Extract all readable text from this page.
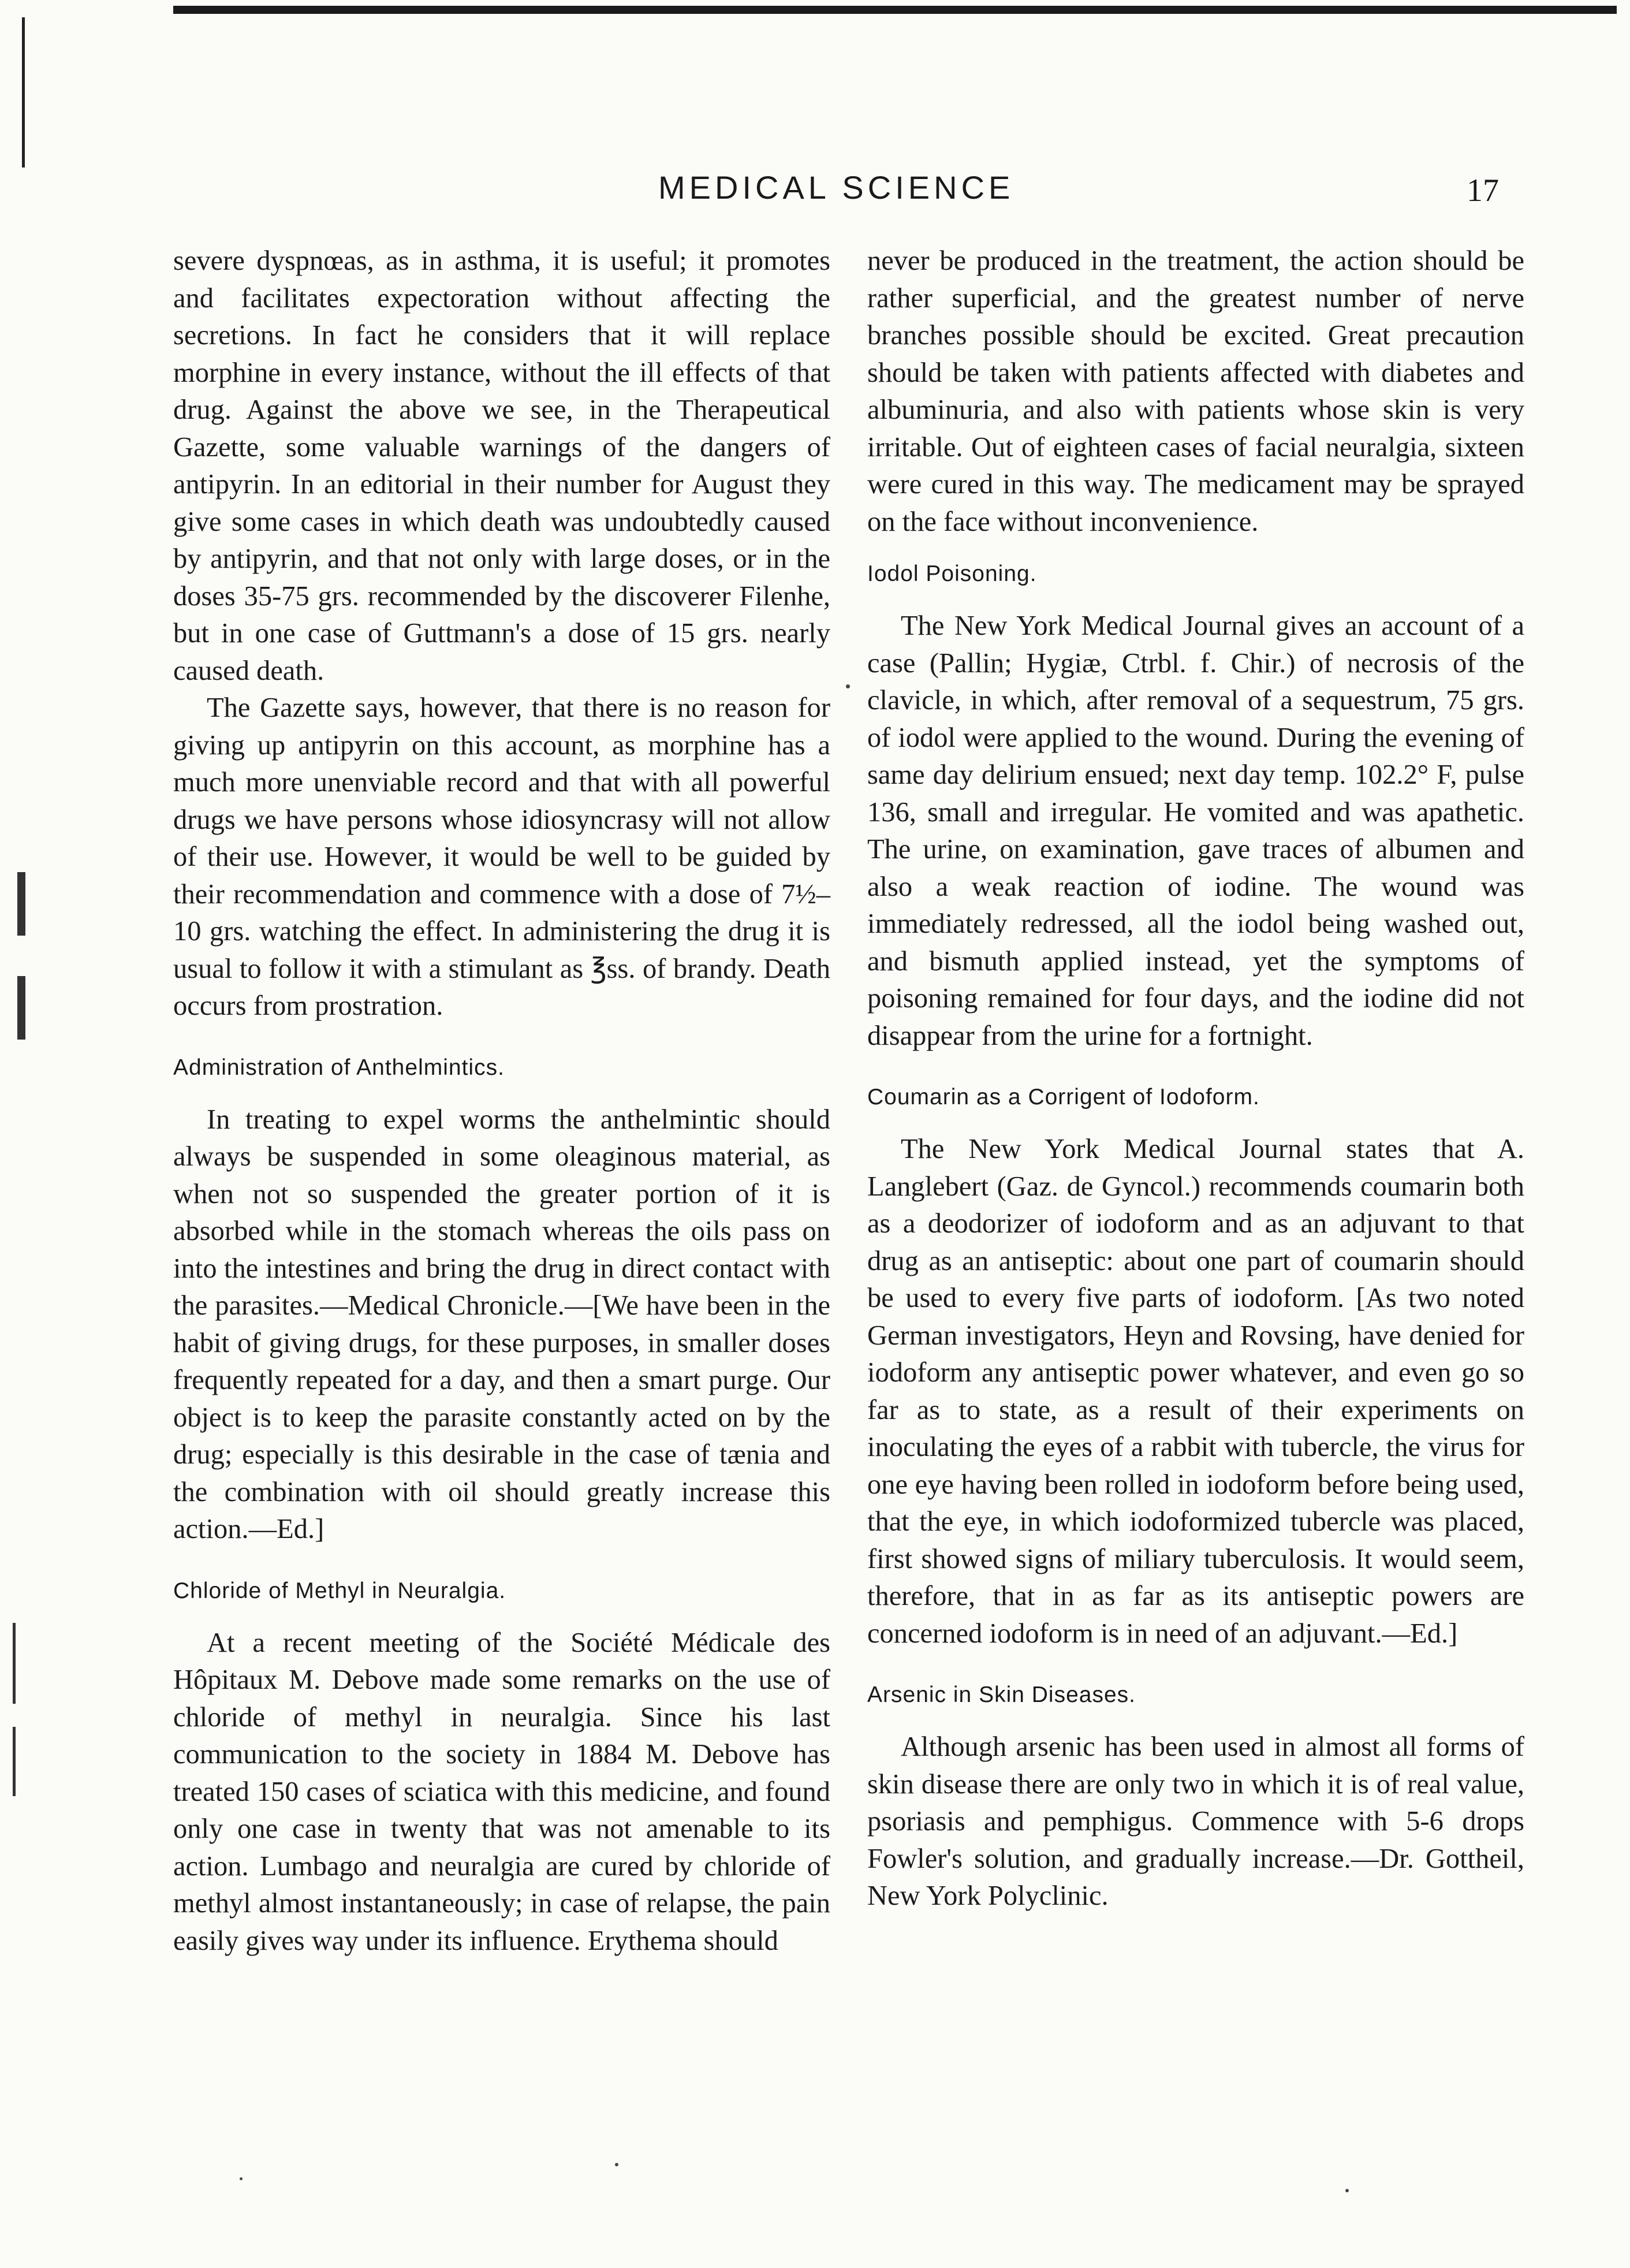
MEDICAL SCIENCE	17

severe dyspnœas, as in asthma, it is useful; it promotes and facilitates expectoration without affecting the secretions. In fact he considers that it will replace morphine in every instance, without the ill effects of that drug. Against the above we see, in the Therapeutical Gazette, some valuable warnings of the dangers of antipyrin. In an editorial in their number for August they give some cases in which death was undoubtedly caused by antipyrin, and that not only with large doses, or in the doses 35-75 grs. recommended by the discoverer Filenhe, but in one case of Guttmann's a dose of 15 grs. nearly caused death.

The Gazette says, however, that there is no reason for giving up antipyrin on this account, as morphine has a much more unenviable record and that with all powerful drugs we have persons whose idiosyncrasy will not allow of their use. However, it would be well to be guided by their recommendation and commence with a dose of 7½–10 grs. watching the effect. In administering the drug it is usual to follow it with a stimulant as ℥ss. of brandy. Death occurs from prostration.

Administration of Anthelmintics.

In treating to expel worms the anthelmintic should always be suspended in some oleaginous material, as when not so suspended the greater portion of it is absorbed while in the stomach whereas the oils pass on into the intestines and bring the drug in direct contact with the parasites.—Medical Chronicle.—[We have been in the habit of giving drugs, for these purposes, in smaller doses frequently repeated for a day, and then a smart purge. Our object is to keep the parasite constantly acted on by the drug; especially is this desirable in the case of tænia and the combination with oil should greatly increase this action.—Ed.]

Chloride of Methyl in Neuralgia.

At a recent meeting of the Société Médicale des Hôpitaux M. Debove made some remarks on the use of chloride of methyl in neuralgia. Since his last communication to the society in 1884 M. Debove has treated 150 cases of sciatica with this medicine, and found only one case in twenty that was not amenable to its action. Lumbago and neuralgia are cured by chloride of methyl almost instantaneously; in case of relapse, the pain easily gives way under its influence. Erythema should

never be produced in the treatment, the action should be rather superficial, and the greatest number of nerve branches possible should be excited. Great precaution should be taken with patients affected with diabetes and albuminuria, and also with patients whose skin is very irritable. Out of eighteen cases of facial neuralgia, sixteen were cured in this way. The medicament may be sprayed on the face without inconvenience.

Iodol Poisoning.

The New York Medical Journal gives an account of a case (Pallin; Hygiæ, Ctrbl. f. Chir.) of necrosis of the clavicle, in which, after removal of a sequestrum, 75 grs. of iodol were applied to the wound. During the evening of same day delirium ensued; next day temp. 102.2° F, pulse 136, small and irregular. He vomited and was apathetic. The urine, on examination, gave traces of albumen and also a weak reaction of iodine. The wound was immediately redressed, all the iodol being washed out, and bismuth applied instead, yet the symptoms of poisoning remained for four days, and the iodine did not disappear from the urine for a fortnight.

Coumarin as a Corrigent of Iodoform.

The New York Medical Journal states that A. Langlebert (Gaz. de Gyncol.) recommends coumarin both as a deodorizer of iodoform and as an adjuvant to that drug as an antiseptic: about one part of coumarin should be used to every five parts of iodoform. [As two noted German investigators, Heyn and Rovsing, have denied for iodoform any antiseptic power whatever, and even go so far as to state, as a result of their experiments on inoculating the eyes of a rabbit with tubercle, the virus for one eye having been rolled in iodoform before being used, that the eye, in which iodoformized tubercle was placed, first showed signs of miliary tuberculosis. It would seem, therefore, that in as far as its antiseptic powers are concerned iodoform is in need of an adjuvant.—Ed.]

Arsenic in Skin Diseases.

Although arsenic has been used in almost all forms of skin disease there are only two in which it is of real value, psoriasis and pemphigus. Commence with 5-6 drops Fowler's solution, and gradually increase.—Dr. Gottheil, New York Polyclinic.
